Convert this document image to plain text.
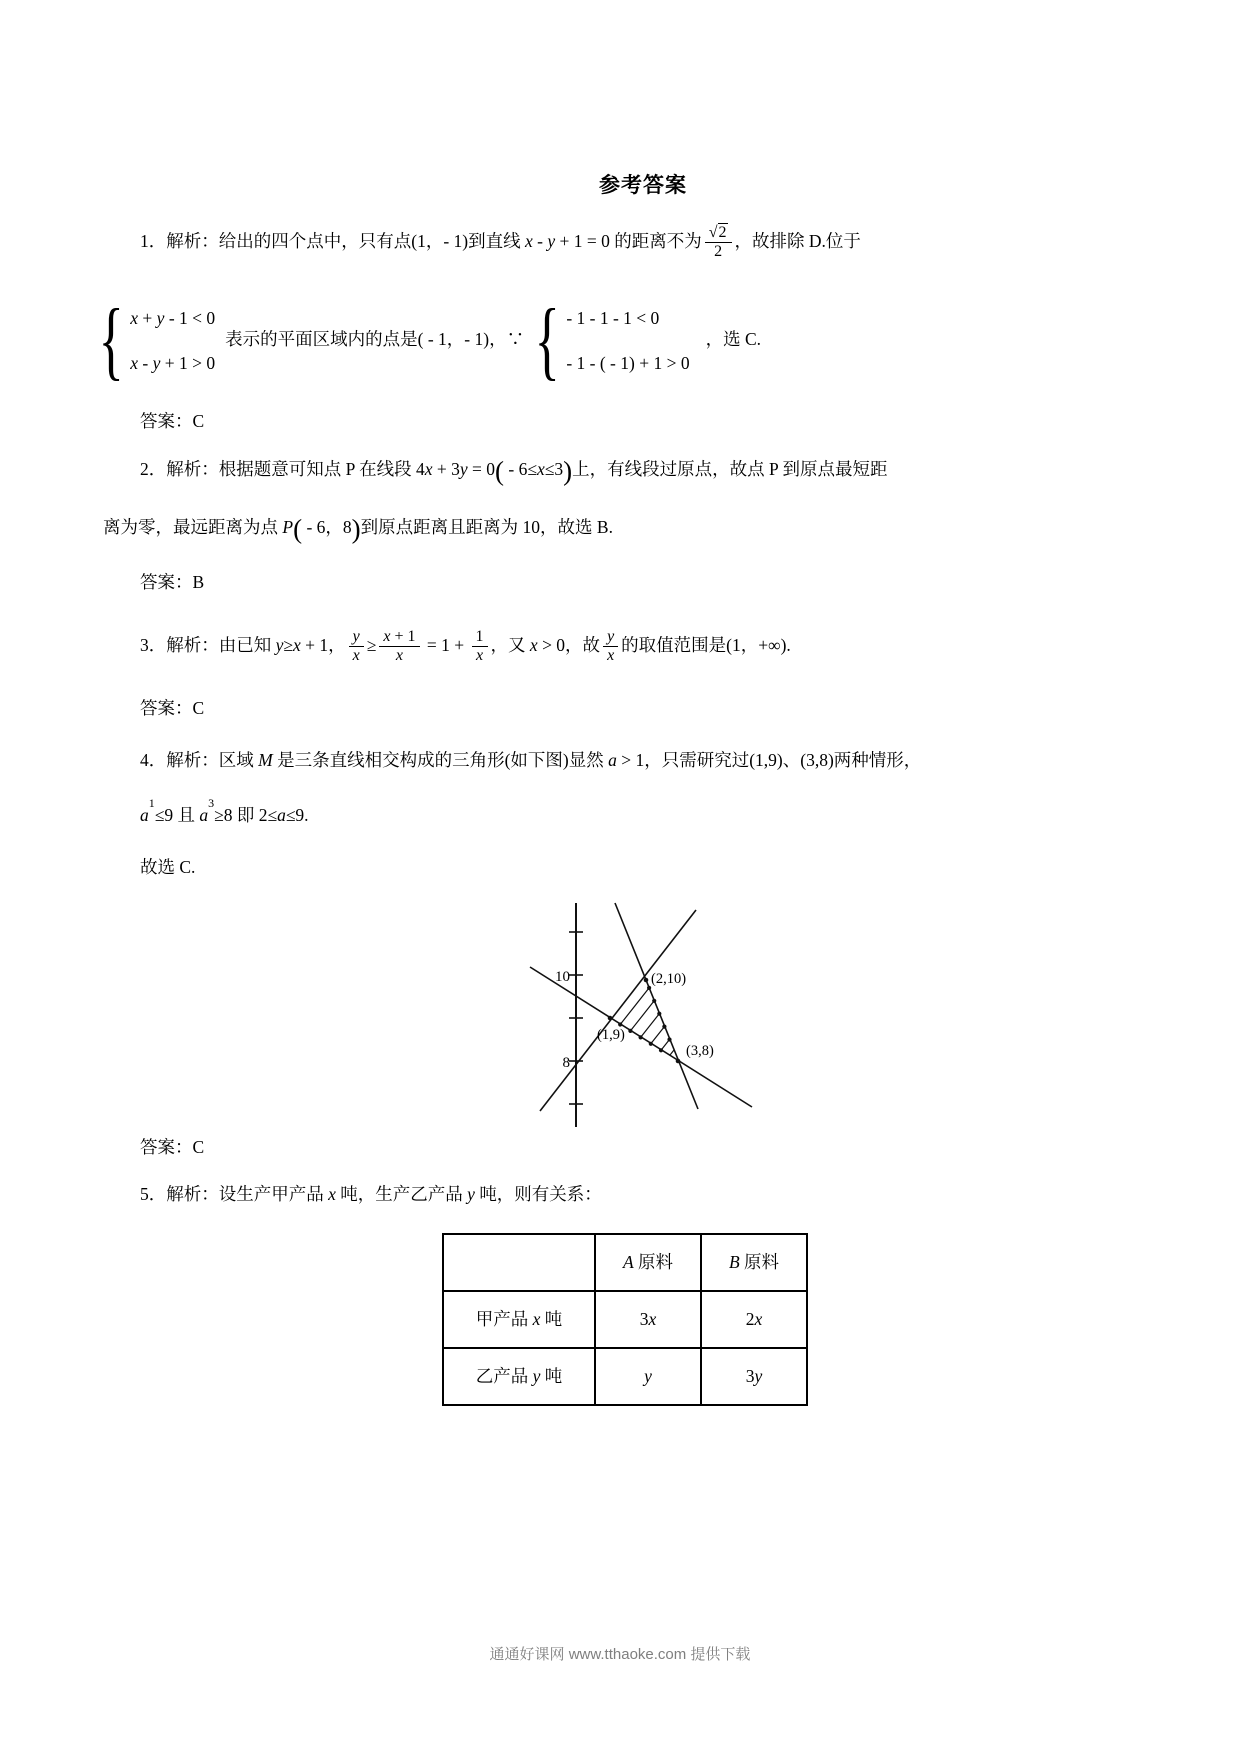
参考答案
1．解析：给出的四个点中，只有点(1，- 1)到直线 x - y + 1 = 0 的距离不为 $\frac{√2}{2}$ ，故排除 D.位于
{ x + y - 1 < 0
x - y + 1 > 0
表示的平面区域内的点是( - 1，- 1)，∵ { - 1 - 1 - 1 < 0
- 1 - ( - 1) + 1 > 0
，选 C.
答案：C
2．解析：根据题意可知点 P 在线段 4x + 3y = 0( - 6≤x≤3)上，有线段过原点，故点 P 到原点最短距
离为零，最远距离为点 P( - 6，8)到原点距离且距离为 10，故选 B.
答案：B
3．解析：由已知 y≥x + 1， $\frac{y}{x} \ge \frac{x + 1}{x} = 1 + \frac{1}{x}$ ，又 x > 0，故 $\frac{y}{x}$ 的取值范围是(1，+∞).
答案：C
4．解析：区域 M 是三条直线相交构成的三角形(如下图)显然 a > 1，只需研究过(1,9)、(3,8)两种情形，
$a^1\le 9$ 且 $a^3\ge 8$ 即 2≤a≤9.
故选 C.
10
8
(2,10)
(1,9)
(3,8)
答案：C
5．解析：设生产甲产品 x 吨，生产乙产品 y 吨，则有关系：
	A 原料	B 原料
甲产品 x 吨	3x	2x
乙产品 y 吨	y	3y
通通好课网 www.tthaoke.com 提供下载
